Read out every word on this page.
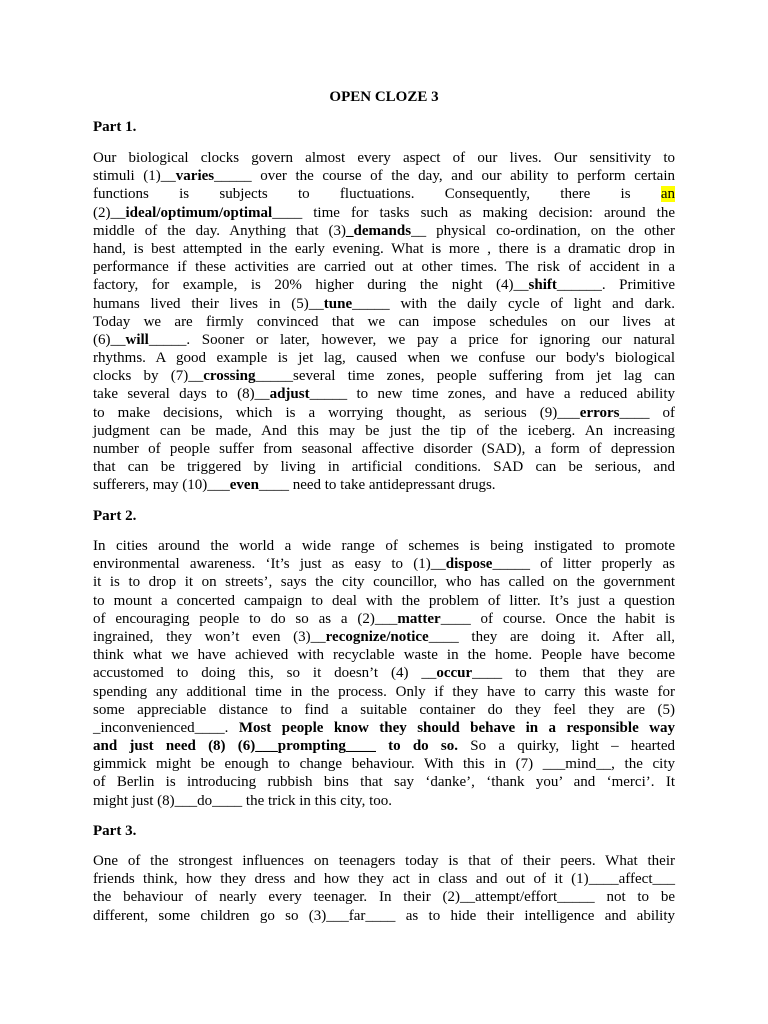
OPEN CLOZE 3
Part 1.
Our biological clocks govern almost every aspect of our lives. Our sensitivity to
stimuli (1)__varies_____ over the course of the day, and our ability to perform certain
functions is subjects to fluctuations. Consequently, there is an
(2)__ideal/optimum/optimal____ time for tasks such as making decision: around the
middle of the day. Anything that (3)_demands__ physical co-ordination, on the other
hand, is best attempted in the early evening. What is more , there is a dramatic drop in
performance if these activities are carried out at other times. The risk of accident in a
factory, for example, is 20% higher during the night (4)__shift______. Primitive
humans lived their lives in (5)__tune_____ with the daily cycle of light and dark.
Today we are firmly convinced that we can impose schedules on our lives at
(6)__will_____. Sooner or later, however, we pay a price for ignoring our natural
rhythms. A good example is jet lag, caused when we confuse our body's biological
clocks by (7)__crossing_____several time zones, people suffering from jet lag can
take several days to (8)__adjust_____ to new time zones, and have a reduced ability
to make decisions, which is a worrying thought, as serious (9)___errors____ of
judgment can be made, And this may be just the tip of the iceberg. An increasing
number of people suffer from seasonal affective disorder (SAD), a form of depression
that can be triggered by living in artificial conditions. SAD can be serious, and
sufferers, may (10)___even____ need to take antidepressant drugs.
Part 2.
In cities around the world a wide range of schemes is being instigated to promote
environmental awareness. ‘It’s just as easy to (1)__dispose_____ of litter properly as
it is to drop it on streets’, says the city councillor, who has called on the government
to mount a concerted campaign to deal with the problem of litter. It’s just a question
of encouraging people to do so as a (2)___matter____ of course. Once the habit is
ingrained, they won’t even (3)__recognize/notice____ they are doing it. After all,
think what we have achieved with recyclable waste in the home. People have become
accustomed to doing this, so it doesn’t (4) __occur____ to them that they are
spending any additional time in the process. Only if they have to carry this waste for
some appreciable distance to find a suitable container do they feel they are (5)
_inconvenienced____. Most people know they should behave in a responsible way
and just need (8) (6)___prompting____ to do so. So a quirky, light – hearted
gimmick might be enough to change behaviour. With this in (7) ___mind__, the city
of Berlin is introducing rubbish bins that say ‘danke’, ‘thank you’ and ‘merci’. It
might just (8)___do____ the trick in this city, too.
Part 3.
One of the strongest influences on teenagers today is that of their peers. What their
friends think, how they dress and how they act in class and out of it (1)____affect___
the behaviour of nearly every teenager. In their (2)__attempt/effort_____ not to be
different, some children go so (3)___far____ as to hide their intelligence and ability
